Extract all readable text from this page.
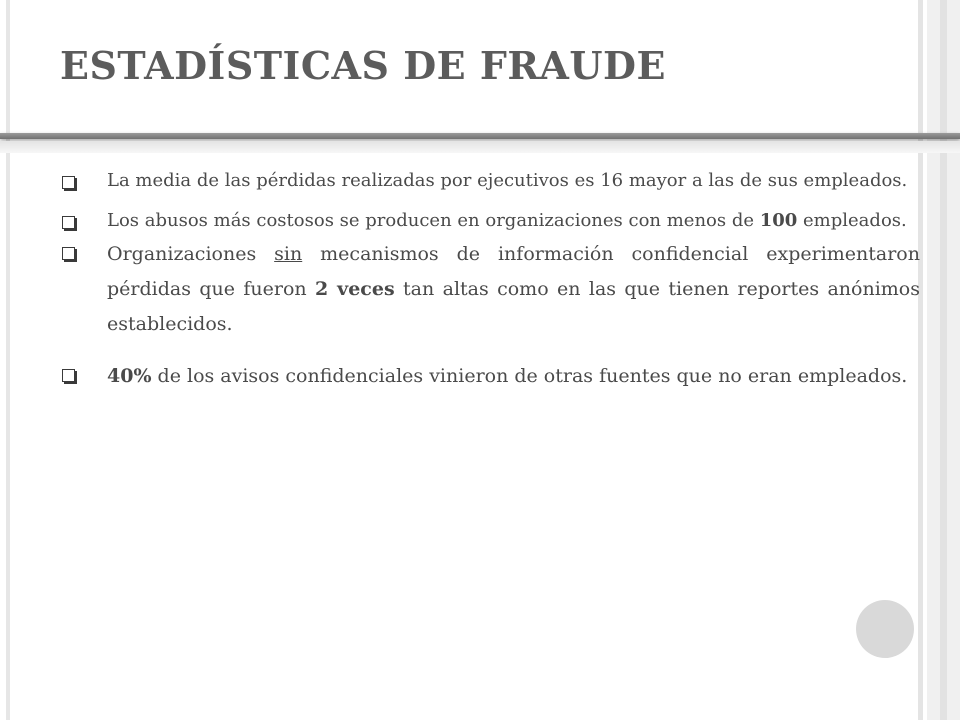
ESTADÍSTICAS DE FRAUDE
La media de las pérdidas realizadas por ejecutivos es 16 mayor a las de sus empleados.
Los abusos más costosos se producen en organizaciones con menos de 100 empleados.
Organizaciones sin mecanismos de información confidencial experimentaron pérdidas que fueron 2 veces tan altas como en las que tienen reportes anónimos establecidos.
40% de los avisos confidenciales vinieron de otras fuentes que no eran empleados.
